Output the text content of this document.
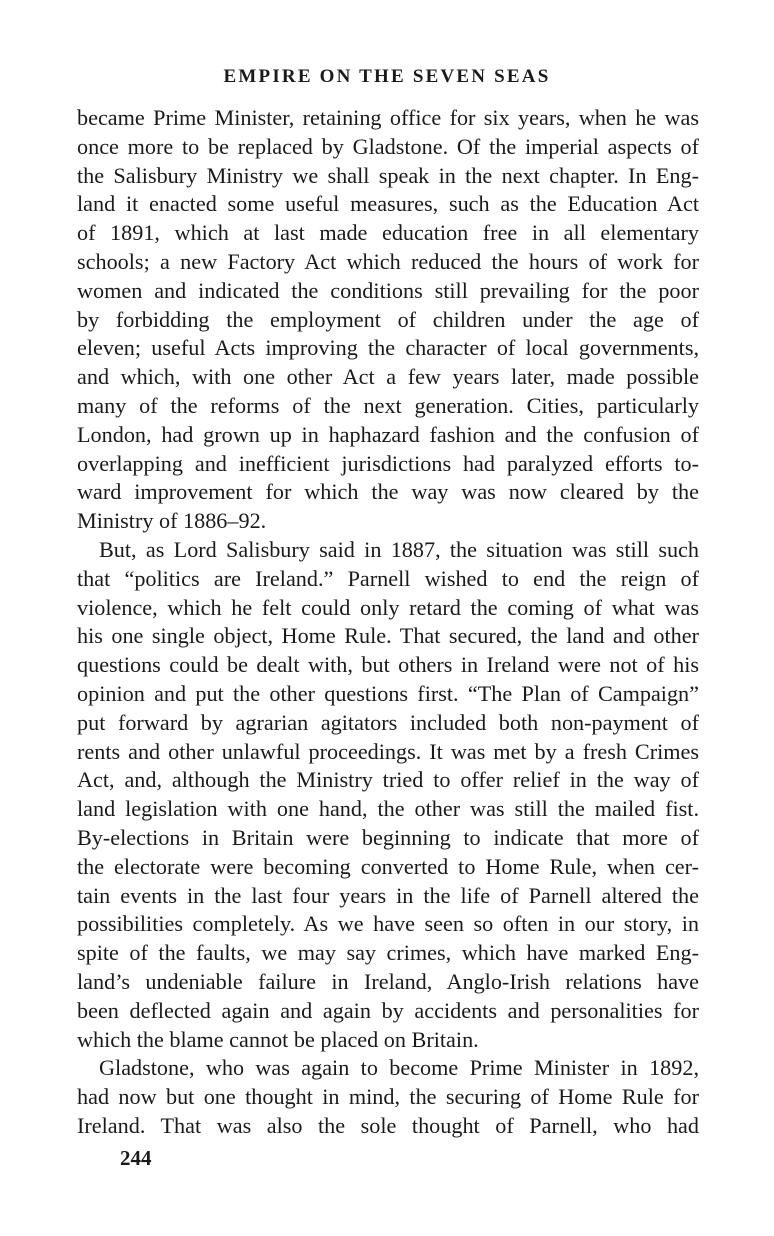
EMPIRE ON THE SEVEN SEAS
became Prime Minister, retaining office for six years, when he was
once more to be replaced by Gladstone. Of the imperial aspects of
the Salisbury Ministry we shall speak in the next chapter. In Eng-
land it enacted some useful measures, such as the Education Act
of 1891, which at last made education free in all elementary
schools; a new Factory Act which reduced the hours of work for
women and indicated the conditions still prevailing for the poor
by forbidding the employment of children under the age of
eleven; useful Acts improving the character of local governments,
and which, with one other Act a few years later, made possible
many of the reforms of the next generation. Cities, particularly
London, had grown up in haphazard fashion and the confusion of
overlapping and inefficient jurisdictions had paralyzed efforts to-
ward improvement for which the way was now cleared by the
Ministry of 1886–92.
But, as Lord Salisbury said in 1887, the situation was still such
that “politics are Ireland.” Parnell wished to end the reign of
violence, which he felt could only retard the coming of what was
his one single object, Home Rule. That secured, the land and other
questions could be dealt with, but others in Ireland were not of his
opinion and put the other questions first. “The Plan of Campaign”
put forward by agrarian agitators included both non-payment of
rents and other unlawful proceedings. It was met by a fresh Crimes
Act, and, although the Ministry tried to offer relief in the way of
land legislation with one hand, the other was still the mailed fist.
By-elections in Britain were beginning to indicate that more of
the electorate were becoming converted to Home Rule, when cer-
tain events in the last four years in the life of Parnell altered the
possibilities completely. As we have seen so often in our story, in
spite of the faults, we may say crimes, which have marked Eng-
land’s undeniable failure in Ireland, Anglo-Irish relations have
been deflected again and again by accidents and personalities for
which the blame cannot be placed on Britain.
Gladstone, who was again to become Prime Minister in 1892,
had now but one thought in mind, the securing of Home Rule for
Ireland. That was also the sole thought of Parnell, who had
244
